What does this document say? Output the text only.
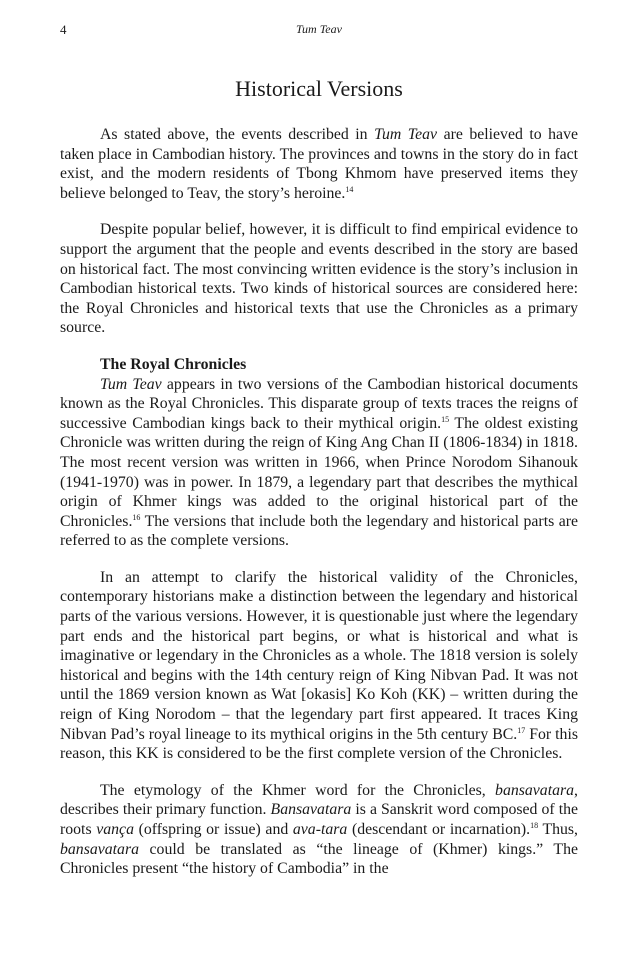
4	Tum Teav
Historical Versions

As stated above, the events described in Tum Teav are believed to have taken place in Cambodian history. The provinces and towns in the story do in fact exist, and the modern residents of Tbong Khmom have preserved items they believe belonged to Teav, the story’s heroine.$^{14}$

Despite popular belief, however, it is difficult to find empirical evidence to support the argument that the people and events described in the story are based on historical fact. The most convincing written evidence is the story’s inclusion in Cambodian historical texts. Two kinds of historical sources are considered here: the Royal Chronicles and historical texts that use the Chronicles as a primary source.

The Royal Chronicles

Tum Teav appears in two versions of the Cambodian historical documents known as the Royal Chronicles. This disparate group of texts traces the reigns of successive Cambodian kings back to their mythical origin.$^{15}$ The oldest existing Chronicle was written during the reign of King Ang Chan II (1806-1834) in 1818. The most recent version was written in 1966, when Prince Norodom Sihanouk (1941-1970) was in power. In 1879, a legendary part that describes the mythical origin of Khmer kings was added to the original historical part of the Chronicles.$^{16}$ The versions that include both the legendary and historical parts are referred to as the complete versions.

In an attempt to clarify the historical validity of the Chronicles, contemporary historians make a distinction between the legendary and historical parts of the various versions. However, it is questionable just where the legendary part ends and the historical part begins, or what is historical and what is imaginative or legendary in the Chronicles as a whole. The 1818 version is solely historical and begins with the 14th century reign of King Nibvan Pad. It was not until the 1869 version known as Wat [okasis] Ko Koh (KK) – written during the reign of King Norodom – that the legendary part first appeared. It traces King Nibvan Pad’s royal lineage to its mythical origins in the 5th century BC.$^{17}$ For this reason, this KK is considered to be the first complete version of the Chronicles.

The etymology of the Khmer word for the Chronicles, bansavatara, describes their primary function. Bansavatara is a Sanskrit word composed of the roots vança (offspring or issue) and ava-tara (descendant or incarnation).$^{18}$ Thus, bansavatara could be translated as “the lineage of (Khmer) kings.” The Chronicles present “the history of Cambodia” in the
